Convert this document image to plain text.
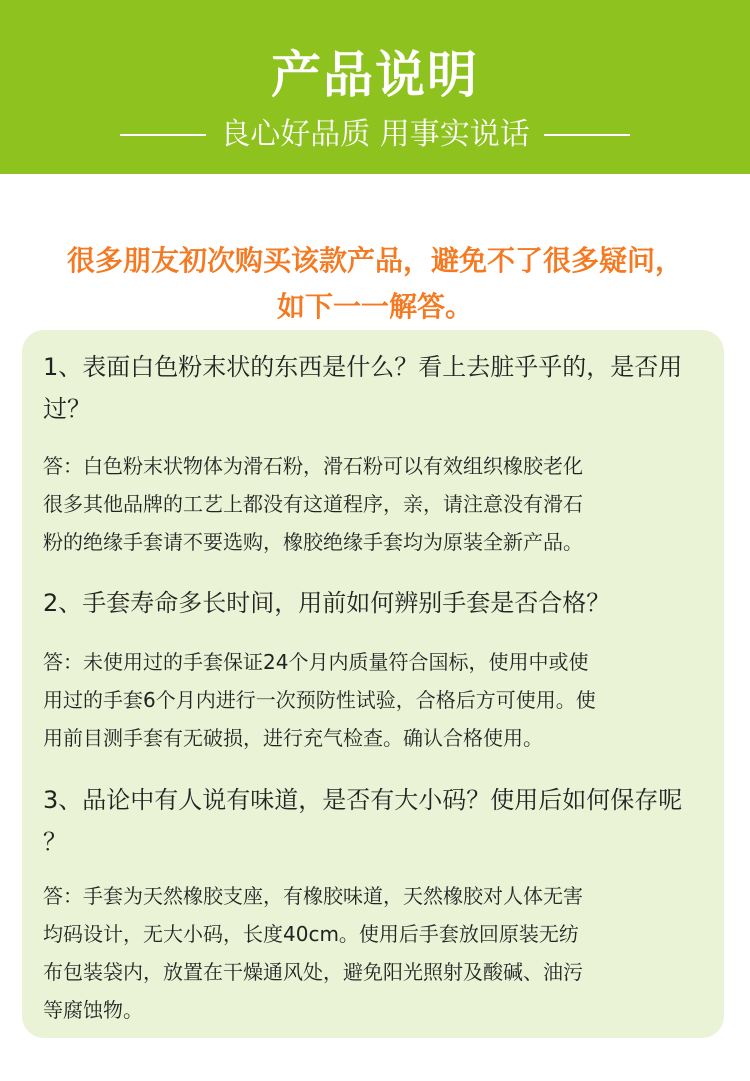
产品说明
良心好品质 用事实说话
很多朋友初次购买该款产品，避免不了很多疑问，
如下一一解答。
1、表面白色粉末状的东西是什么？看上去脏乎乎的，是否用
过？
答：白色粉末状物体为滑石粉，滑石粉可以有效组织橡胶老化
很多其他品牌的工艺上都没有这道程序，亲，请注意没有滑石
粉的绝缘手套请不要选购，橡胶绝缘手套均为原装全新产品。
2、手套寿命多长时间，用前如何辨别手套是否合格？
答：未使用过的手套保证24个月内质量符合国标，使用中或使
用过的手套6个月内进行一次预防性试验，合格后方可使用。使
用前目测手套有无破损，进行充气检查。确认合格使用。
3、品论中有人说有味道，是否有大小码？使用后如何保存呢
？
答：手套为天然橡胶支座，有橡胶味道，天然橡胶对人体无害
均码设计，无大小码，长度40cm。使用后手套放回原装无纺
布包装袋内，放置在干燥通风处，避免阳光照射及酸碱、油污
等腐蚀物。
